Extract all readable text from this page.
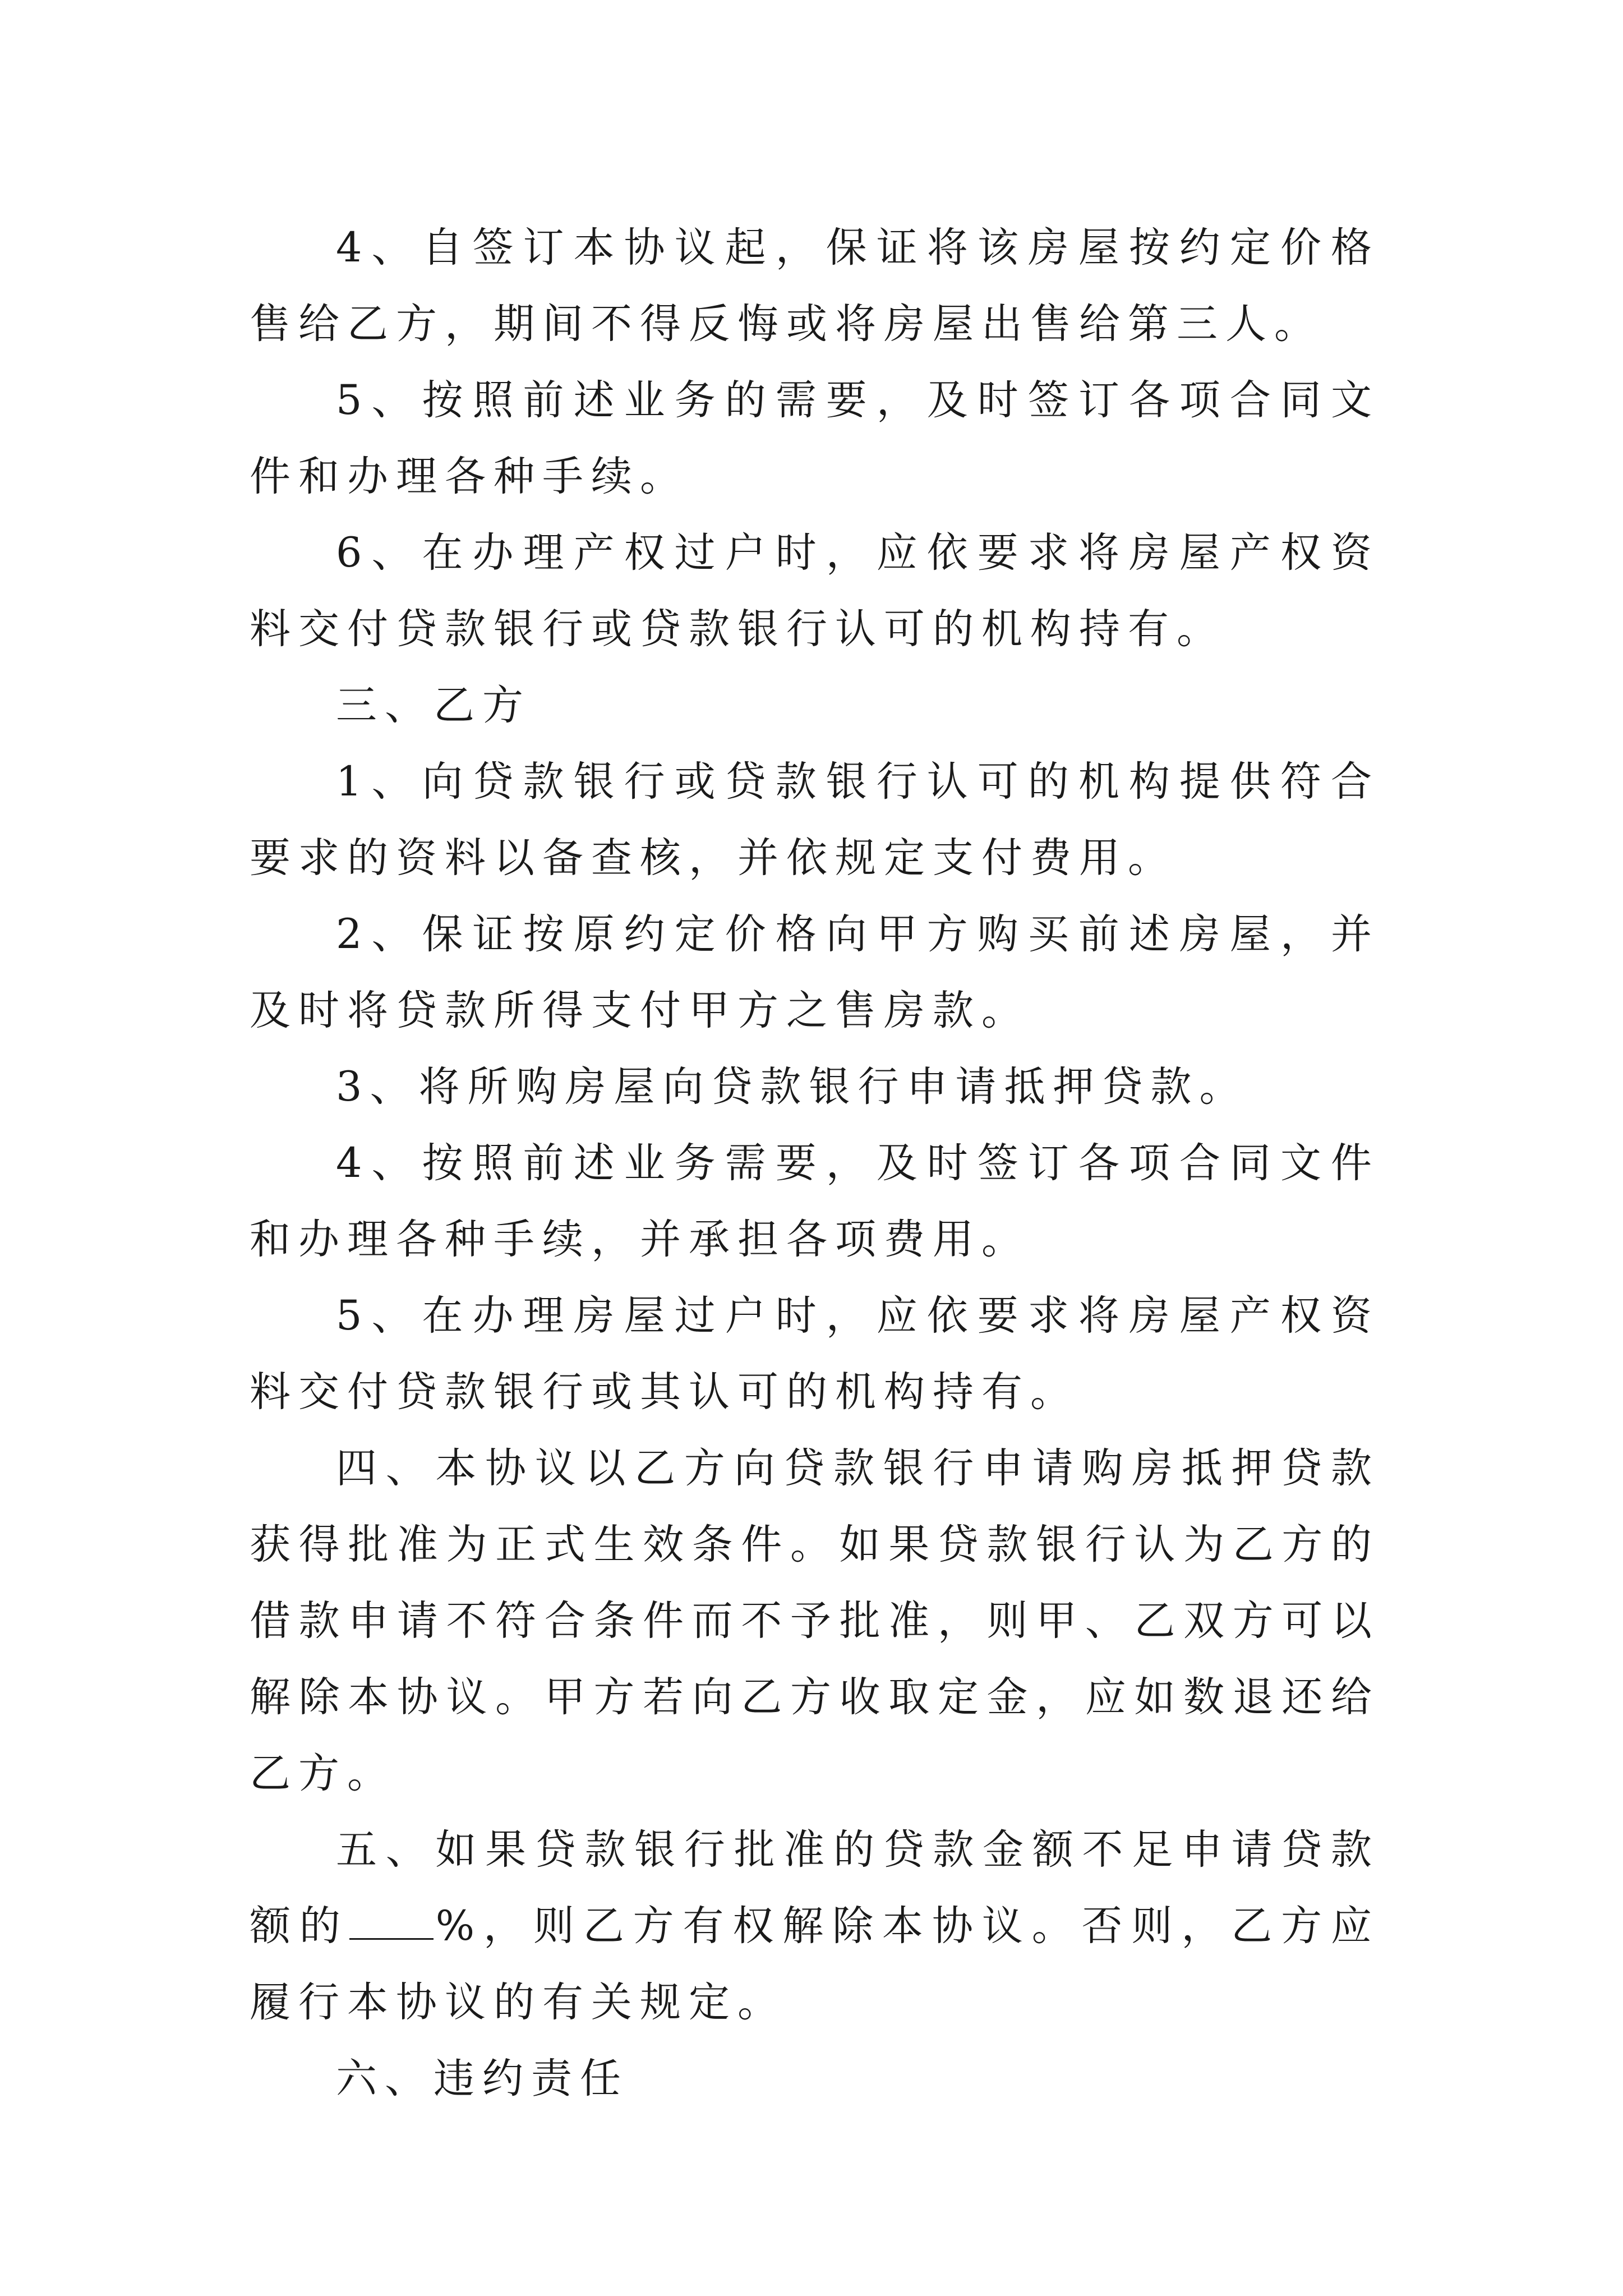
4、自签订本协议起，保证将该房屋按约定价格售给乙方，期间不得反悔或将房屋出售给第三人。

5、按照前述业务的需要，及时签订各项合同文件和办理各种手续。

6、在办理产权过户时，应依要求将房屋产权资料交付贷款银行或贷款银行认可的机构持有。

三、乙方

1、向贷款银行或贷款银行认可的机构提供符合要求的资料以备查核，并依规定支付费用。

2、保证按原约定价格向甲方购买前述房屋，并及时将贷款所得支付甲方之售房款。

3、将所购房屋向贷款银行申请抵押贷款。

4、按照前述业务需要，及时签订各项合同文件和办理各种手续，并承担各项费用。

5、在办理房屋过户时，应依要求将房屋产权资料交付贷款银行或其认可的机构持有。

四、本协议以乙方向贷款银行申请购房抵押贷款获得批准为正式生效条件。如果贷款银行认为乙方的借款申请不符合条件而不予批准，则甲、乙双方可以解除本协议。甲方若向乙方收取定金，应如数退还给乙方。

五、如果贷款银行批准的贷款金额不足申请贷款额的 %，则乙方有权解除本协议。否则，乙方应履行本协议的有关规定。

六、违约责任
